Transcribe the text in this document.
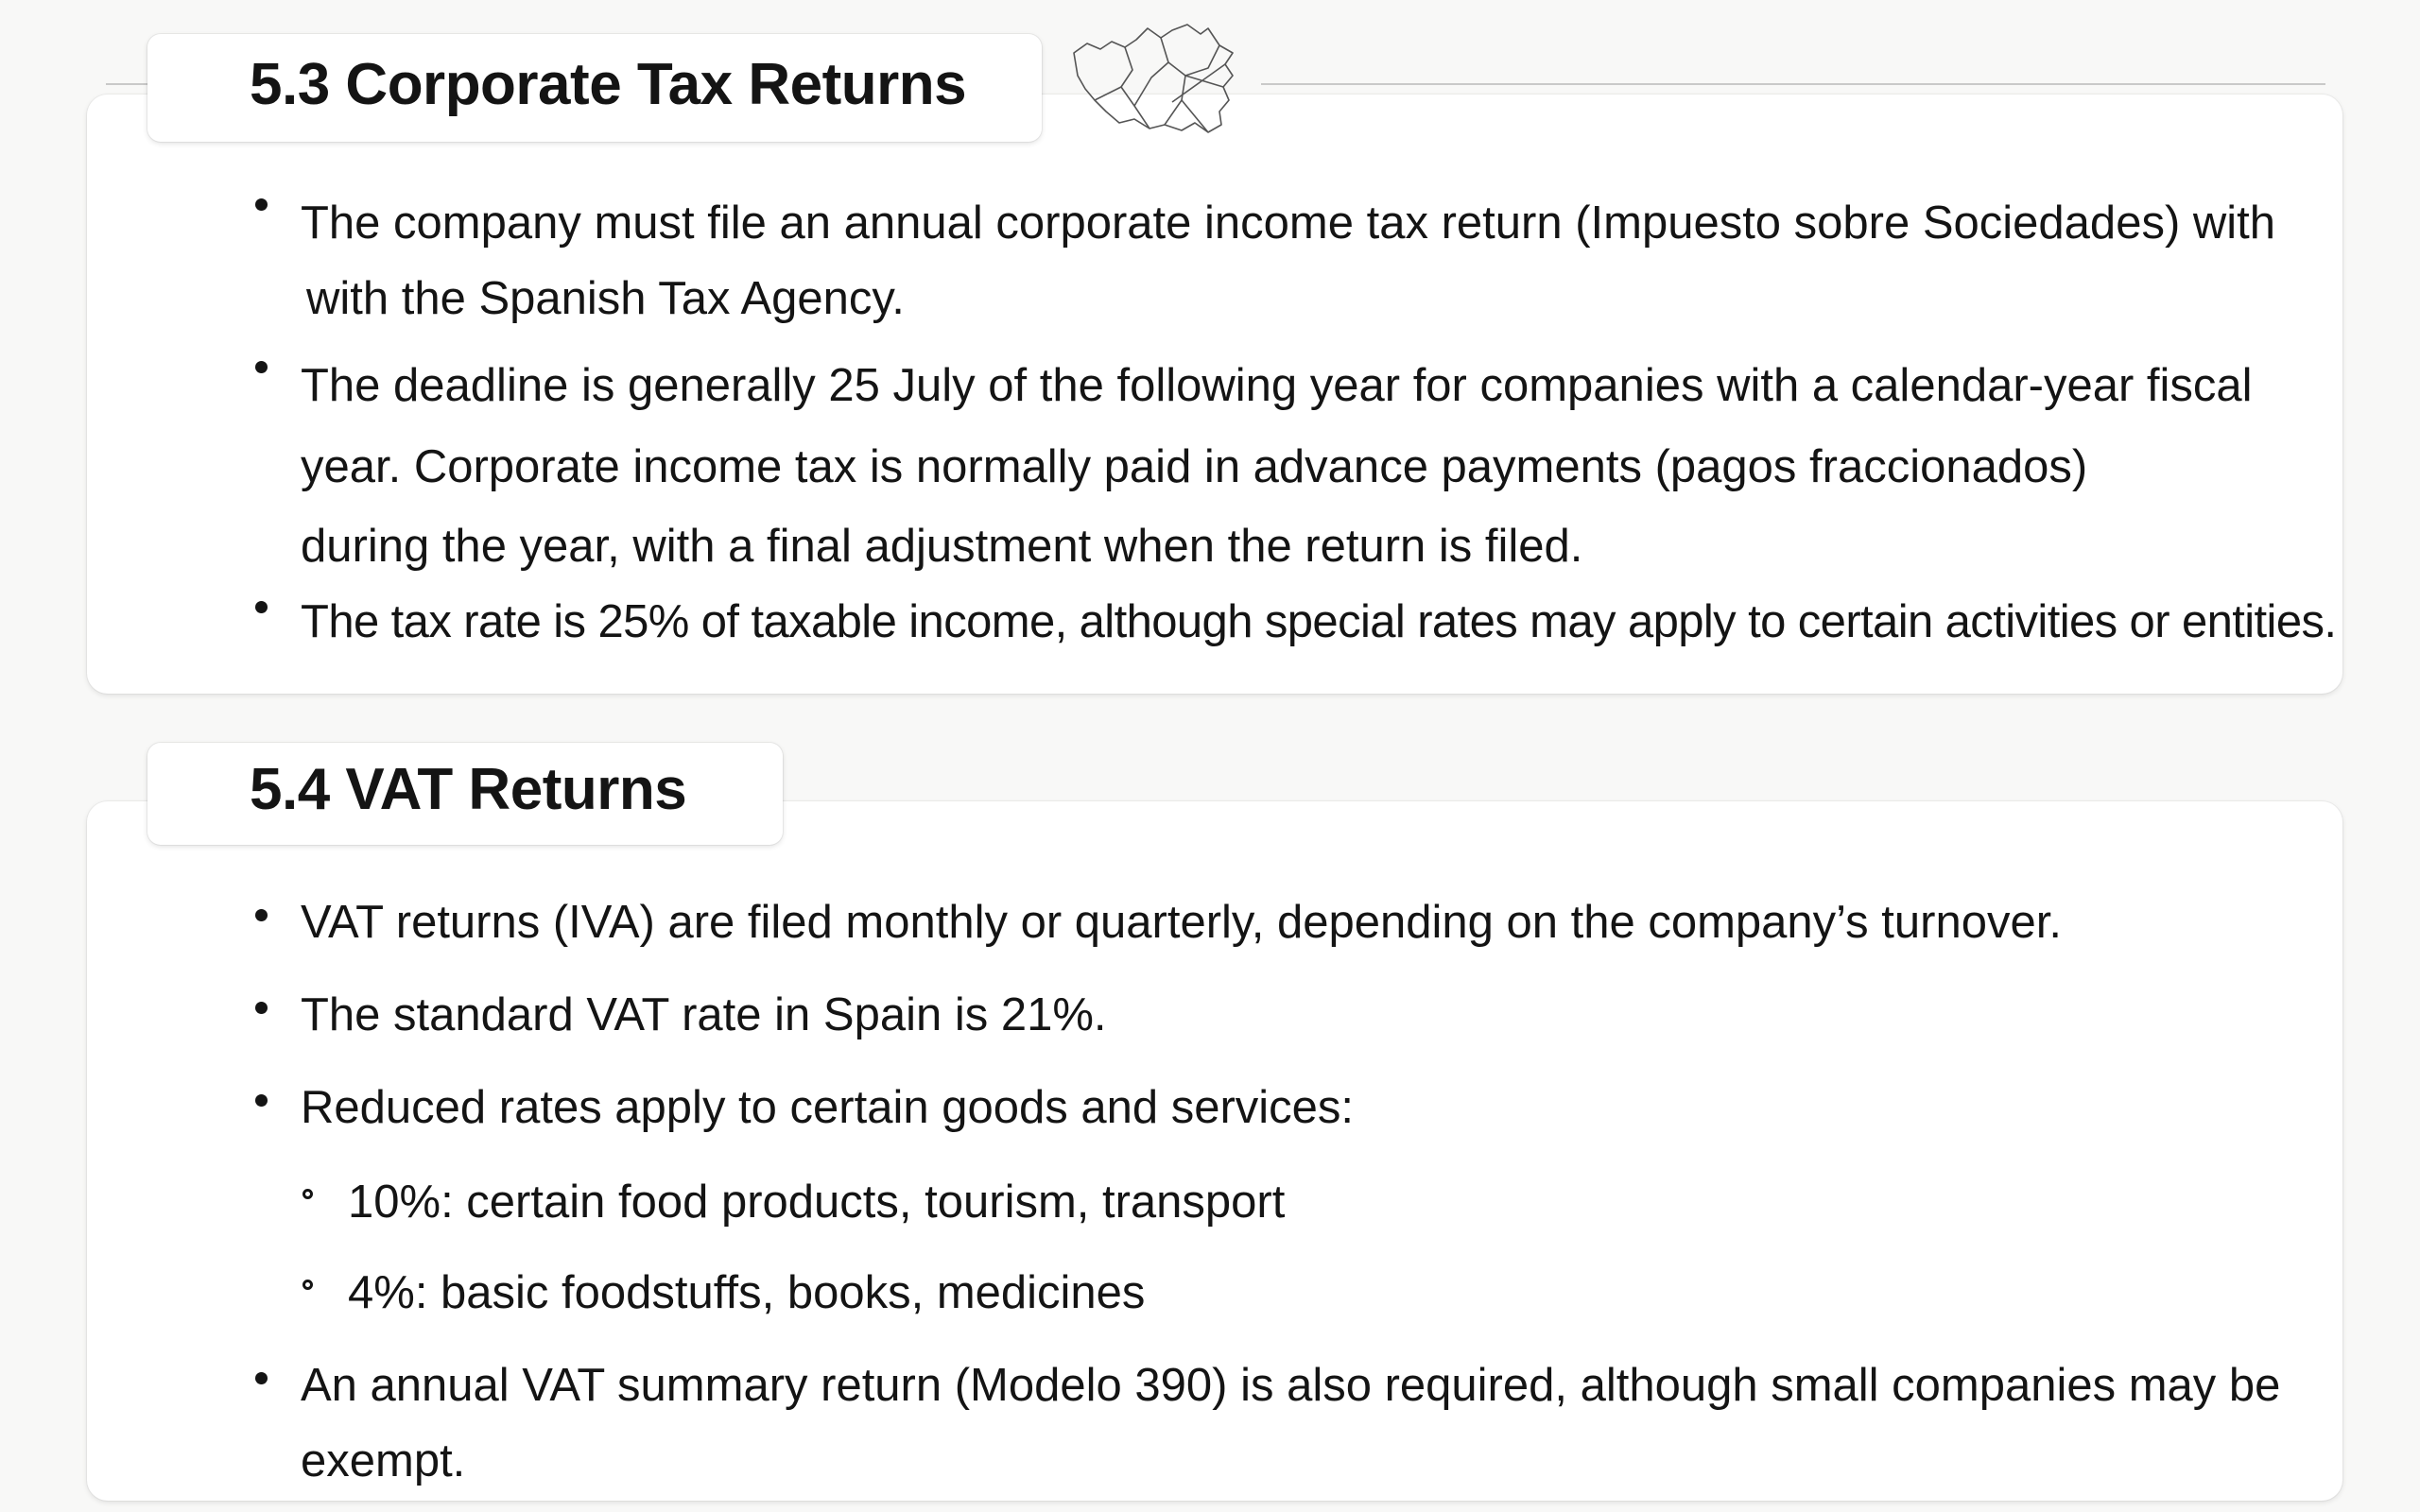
5.3 Corporate Tax Returns
The company must file an annual corporate income tax return (Impuesto sobre Sociedades) with
with the Spanish Tax Agency.
The deadline is generally 25 July of the following year for companies with a calendar-year fiscal
year. Corporate income tax is normally paid in advance payments (pagos fraccionados)
during the year, with a final adjustment when the return is filed.
The tax rate is 25% of taxable income, although special rates may apply to certain activities or entities.
5.4 VAT Returns
VAT returns (IVA) are filed monthly or quarterly, depending on the company’s turnover.
The standard VAT rate in Spain is 21%.
Reduced rates apply to certain goods and services:
10%: certain food products, tourism, transport
4%: basic foodstuffs, books, medicines
An annual VAT summary return (Modelo 390) is also required, although small companies may be
exempt.
